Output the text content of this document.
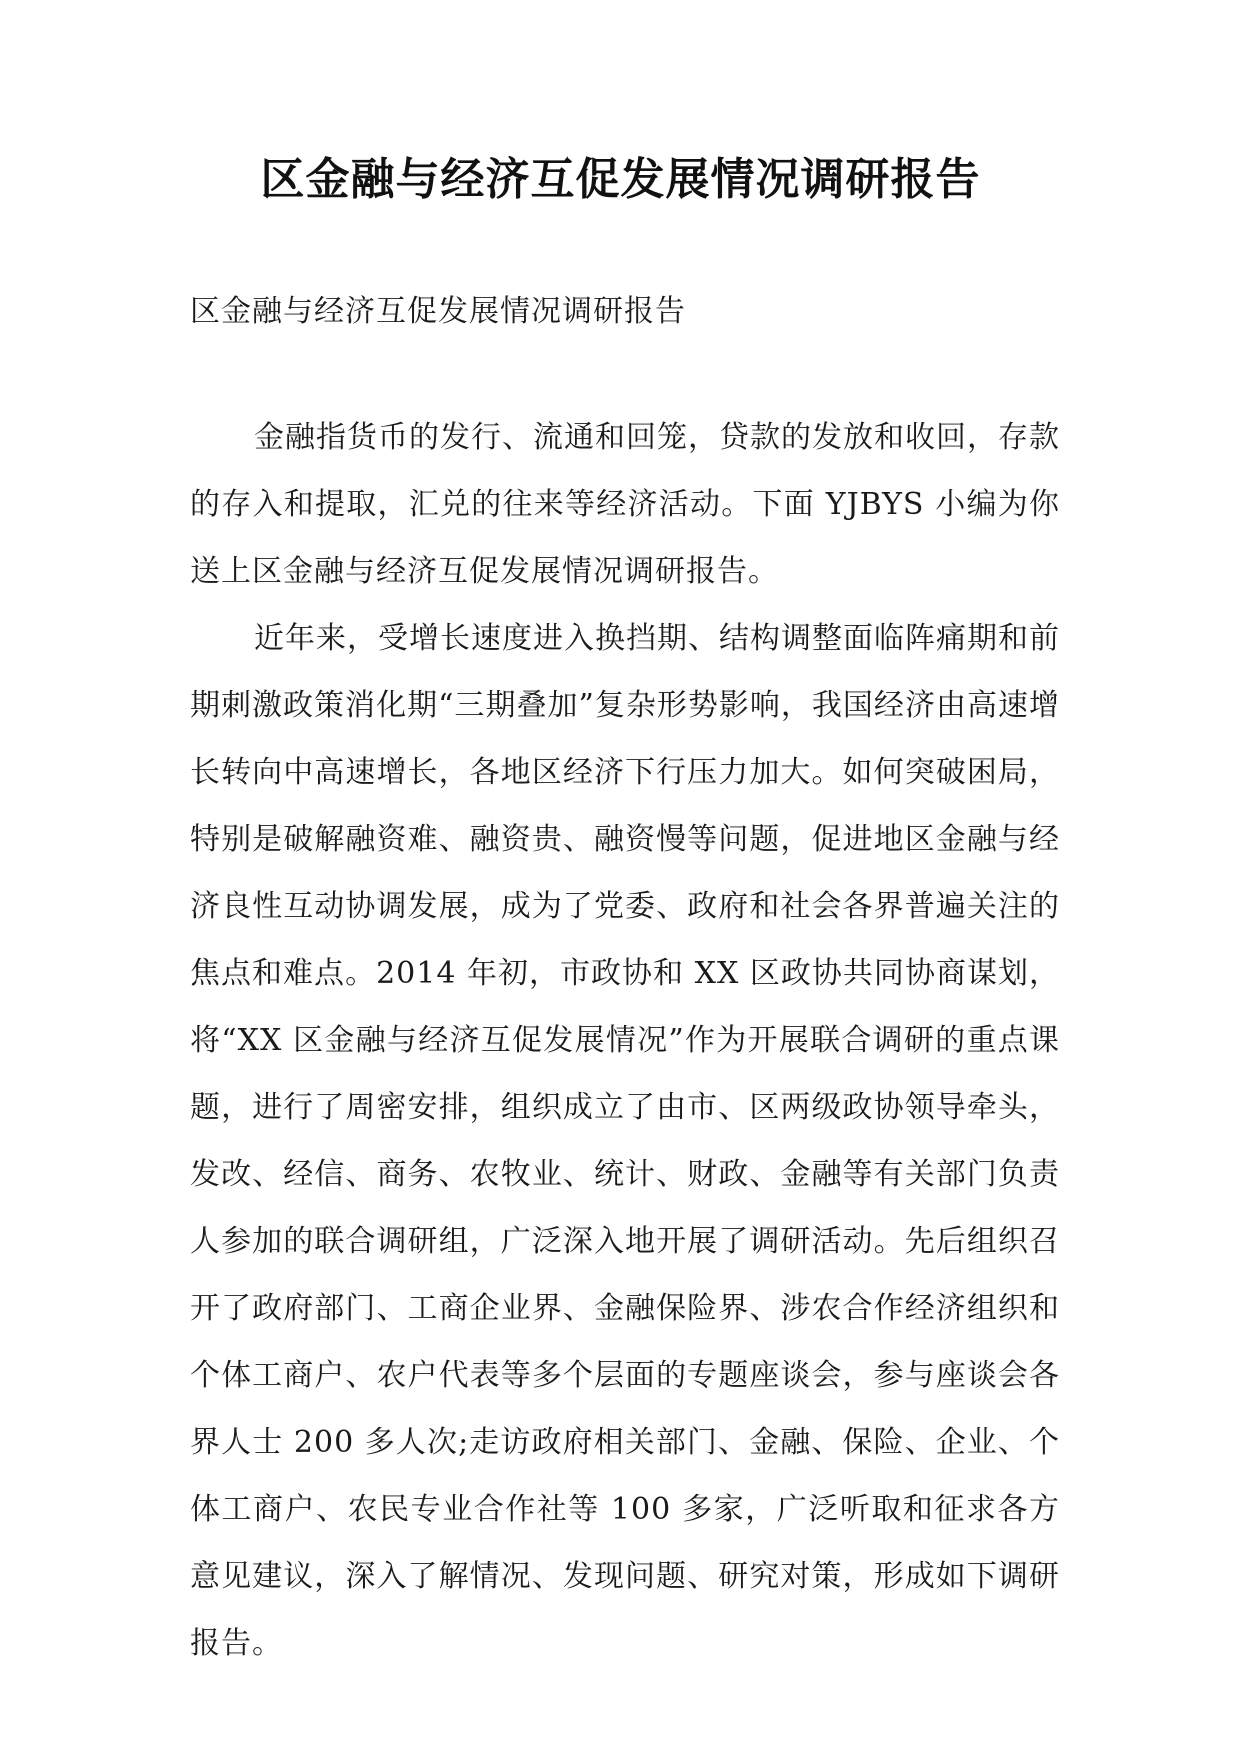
区金融与经济互促发展情况调研报告

区金融与经济互促发展情况调研报告

金融指货币的发行、流通和回笼，贷款的发放和收回，存款的存入和提取，汇兑的往来等经济活动。下面 YJBYS 小编为你送上区金融与经济互促发展情况调研报告。

近年来，受增长速度进入换挡期、结构调整面临阵痛期和前期刺激政策消化期“三期叠加”复杂形势影响，我国经济由高速增长转向中高速增长，各地区经济下行压力加大。如何突破困局，特别是破解融资难、融资贵、融资慢等问题，促进地区金融与经济良性互动协调发展，成为了党委、政府和社会各界普遍关注的焦点和难点。2014 年初，市政协和 XX 区政协共同协商谋划，将“XX 区金融与经济互促发展情况”作为开展联合调研的重点课题，进行了周密安排，组织成立了由市、区两级政协领导牵头，发改、经信、商务、农牧业、统计、财政、金融等有关部门负责人参加的联合调研组，广泛深入地开展了调研活动。先后组织召开了政府部门、工商企业界、金融保险界、涉农合作经济组织和个体工商户、农户代表等多个层面的专题座谈会，参与座谈会各界人士 200 多人次;走访政府相关部门、金融、保险、企业、个体工商户、农民专业合作社等 100 多家，广泛听取和征求各方意见建议，深入了解情况、发现问题、研究对策，形成如下调研报告。
